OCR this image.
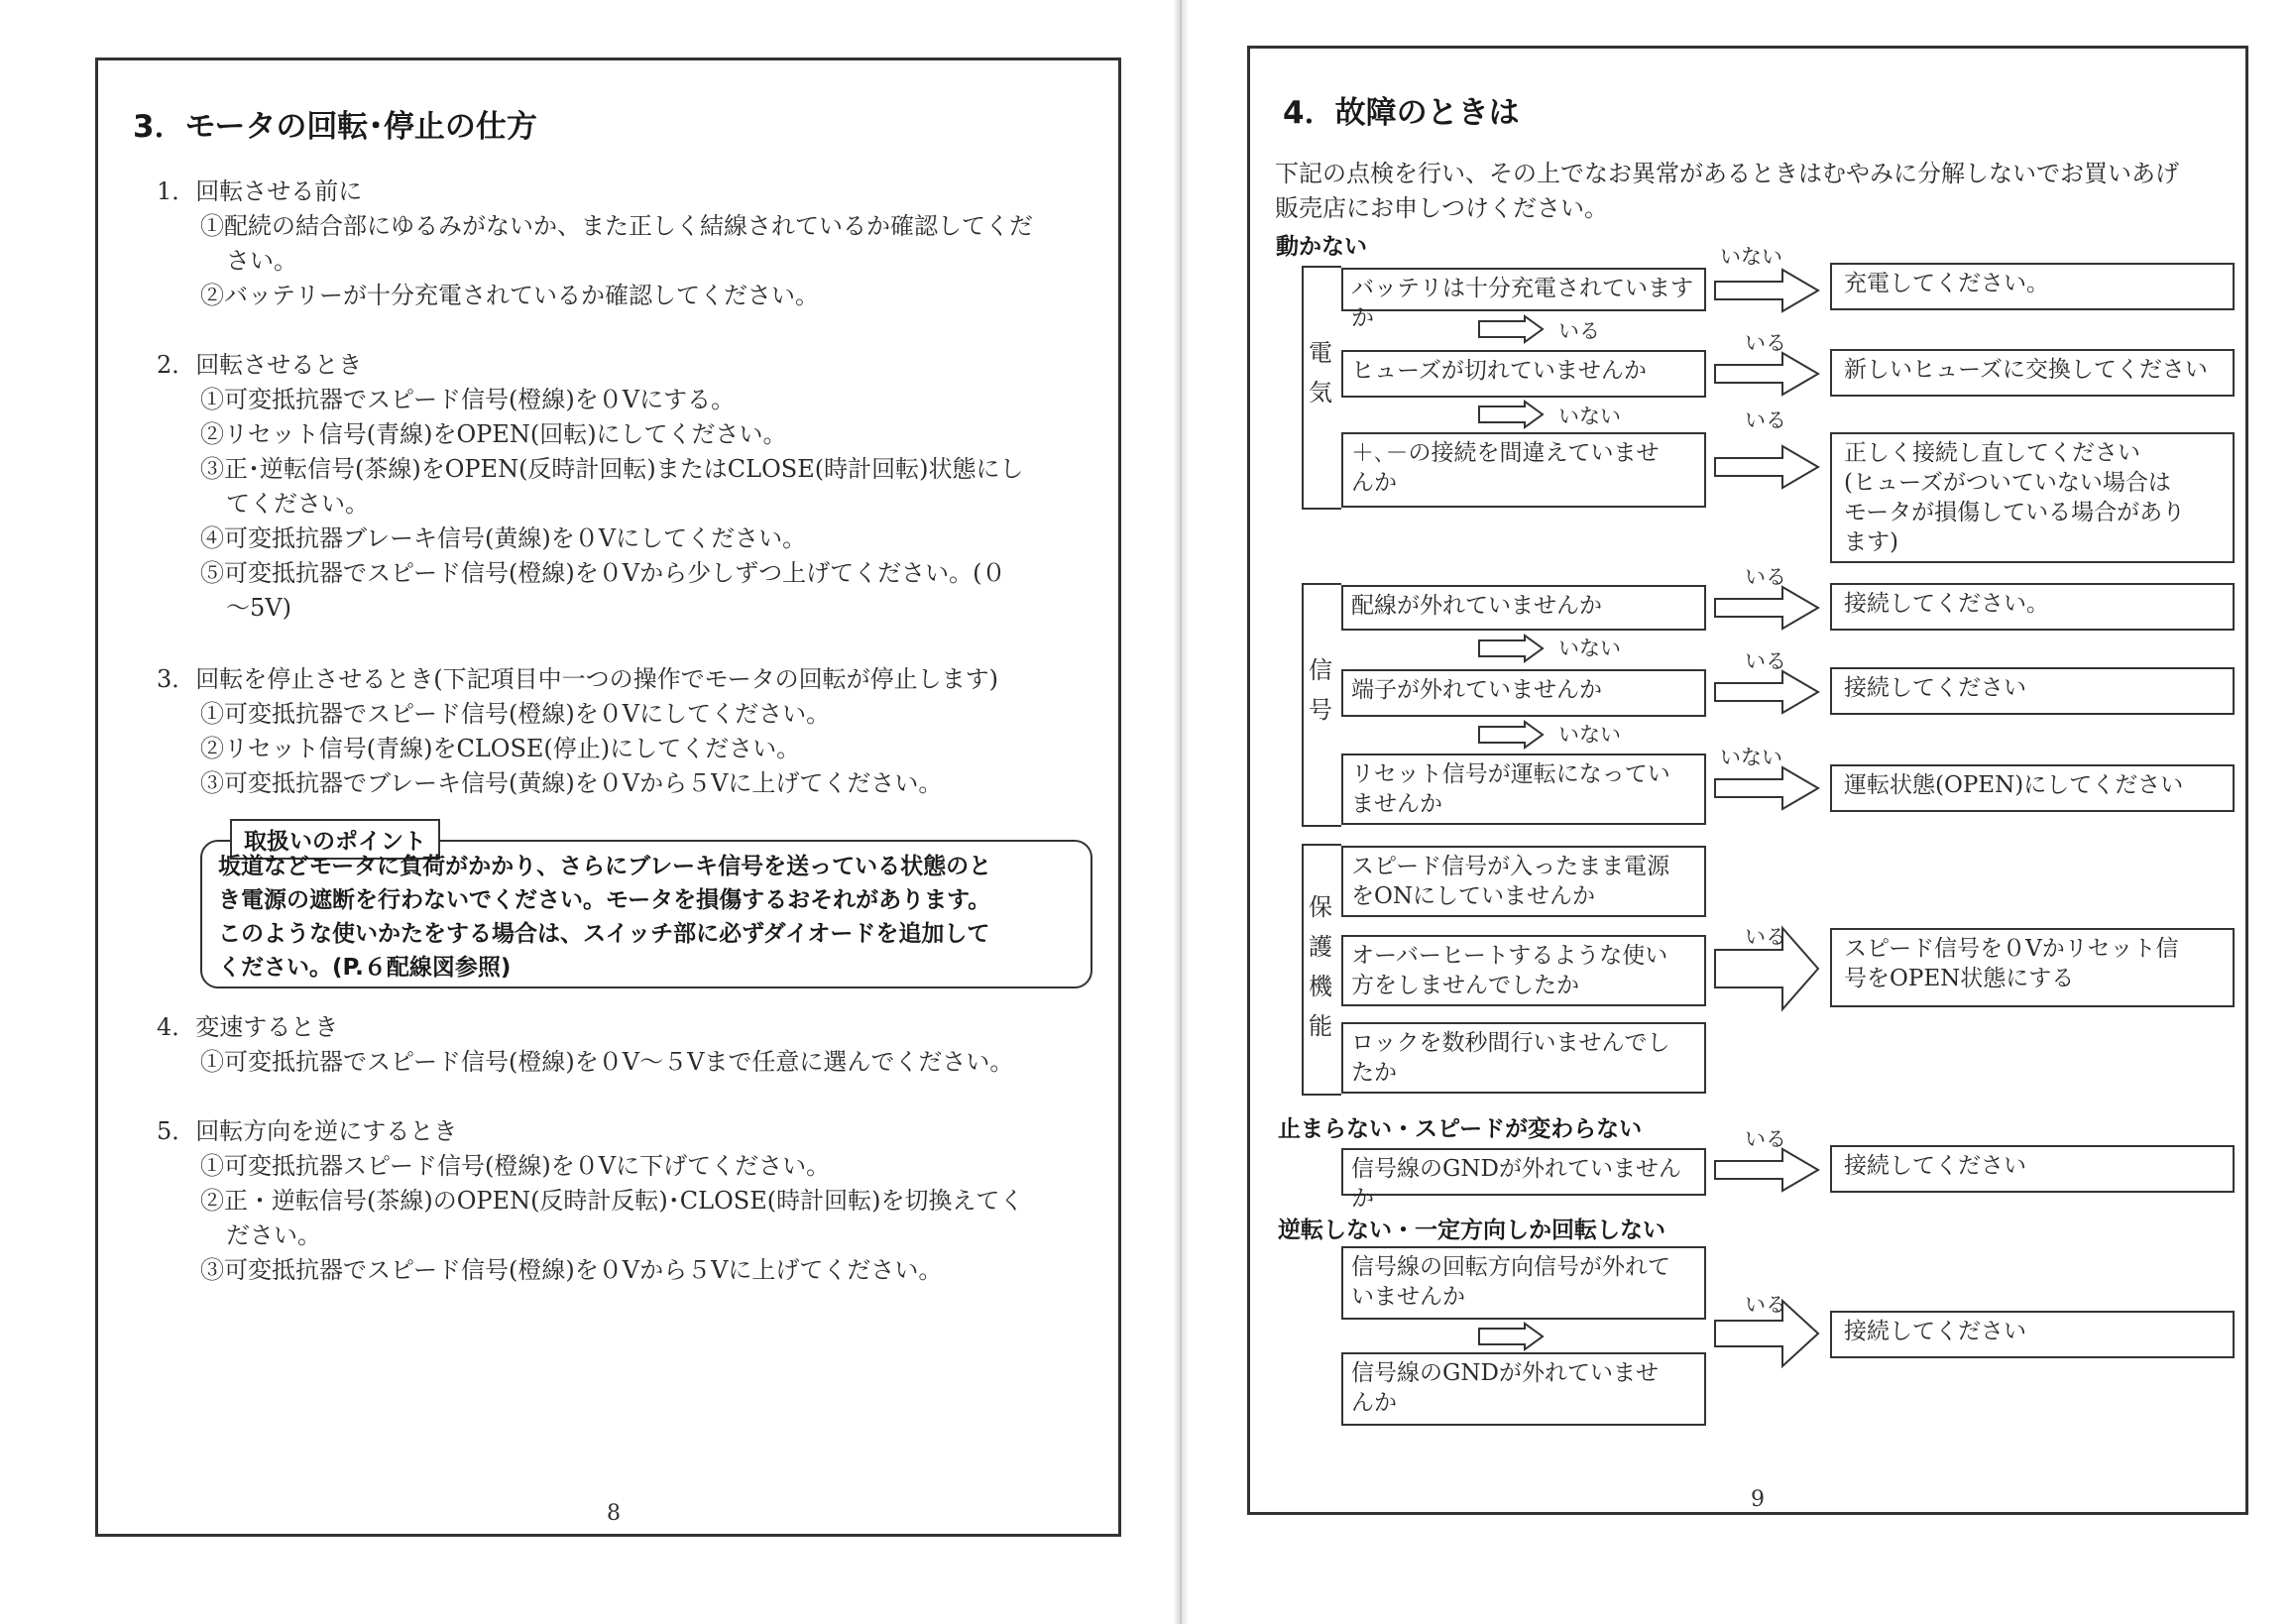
3．モータの回転･停止の仕方
1．回転させる前に
①配続の結合部にゆるみがないか、また正しく結線されているか確認してくだ
さい。
②バッテリーが十分充電されているか確認してください。
2．回転させるとき
①可変抵抗器でスピード信号(橙線)を０Vにする。
②リセット信号(青線)をOPEN(回転)にしてください。
③正･逆転信号(茶線)をOPEN(反時計回転)またはCLOSE(時計回転)状態にし
てください。
④可変抵抗器ブレーキ信号(黄線)を０Vにしてください。
⑤可変抵抗器でスピード信号(橙線)を０Vから少しずつ上げてください。(０
～5V)
3．回転を停止させるとき(下記項目中一つの操作でモータの回転が停止します)
①可変抵抗器でスピード信号(橙線)を０Vにしてください。
②リセット信号(青線)をCLOSE(停止)にしてください。
③可変抵抗器でブレーキ信号(黄線)を０Vから５Vに上げてください。
取扱いのポイント
坂道などモータに負荷がかかり、さらにブレーキ信号を送っている状態のと
き電源の遮断を行わないでください。モータを損傷するおそれがあります。
このような使いかたをする場合は、スイッチ部に必ずダイオードを追加して
ください。(P.６配線図参照)
4．変速するとき
①可変抵抗器でスピード信号(橙線)を０V～５Vまで任意に選んでください。
5．回転方向を逆にするとき
①可変抵抗器スピード信号(橙線)を０Vに下げてください。
②正・逆転信号(茶線)のOPEN(反時計反転)･CLOSE(時計回転)を切換えてく
ださい。
③可変抵抗器でスピード信号(橙線)を０Vから５Vに上げてください。
8
4．故障のときは
下記の点検を行い、その上でなお異常があるときはむやみに分解しないでお買いあげ
販売店にお申しつけください。
動かない
電
気
信
号
保
護
機
能
バッテリは十分充電されていますか
ヒューズが切れていませんか
＋､－の接続を間違えていませ
んか
配線が外れていませんか
端子が外れていませんか
リセット信号が運転になってい
ませんか
スピード信号が入ったまま電源
をONにしていませんか
オーバーヒートするような使い
方をしませんでしたか
ロックを数秒間行いませんでし
たか
止まらない・スピードが変わらない
信号線のGNDが外れていませんか
逆転しない・一定方向しか回転しない
信号線の回転方向信号が外れて
いませんか
信号線のGNDが外れていませ
んか
充電してください。
新しいヒューズに交換してください
正しく接続し直してください
(ヒューズがついていない場合は
モータが損傷している場合があり
ます)
接続してください。
接続してください
運転状態(OPEN)にしてください
スピード信号を０Vかリセット信
号をOPEN状態にする
接続してください
接続してください
いない
いる
いる
いる
いる
いない
いる
いる
いる
いる
いない
いない
いない
9
